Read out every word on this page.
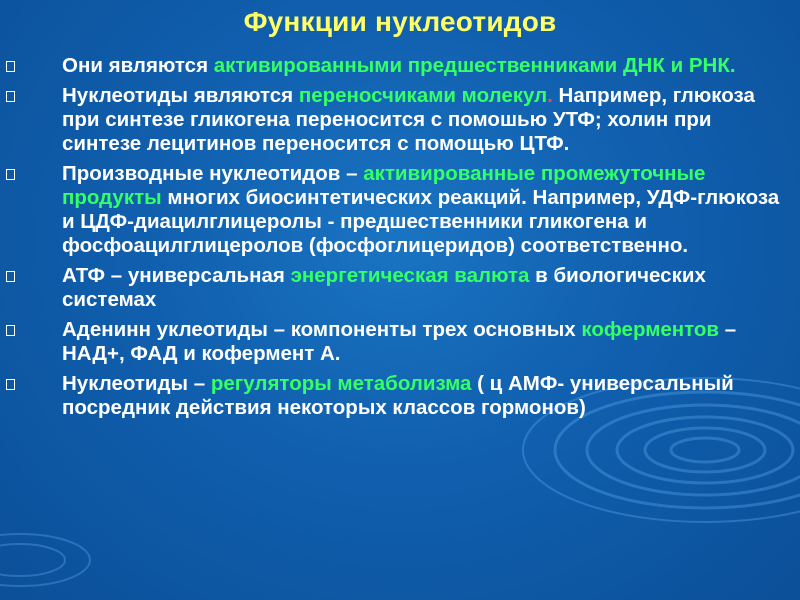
Функции нуклеотидов
Они являются активированными предшественниками ДНК и РНК.
Нуклеотиды являются переносчиками молекул. Например, глюкоза при синтезе гликогена переносится с помошью УТФ; холин при синтезе лецитинов переносится с помощью ЦТФ.
Производные нуклеотидов – активированные промежуточные продукты многих биосинтетических реакций. Например, УДФ-глюкоза и ЦДФ-диацилглицеролы - предшественники гликогена и фосфоацилглицеролов (фосфоглицеридов) соответственно.
АТФ – универсальная энергетическая валюта в биологических системах
Аденинн уклеотиды – компоненты трех основных коферментов – НАД+, ФАД и кофермент А.
Нуклеотиды – регуляторы метаболизма ( ц АМФ- универсальный посредник действия некоторых классов гормонов)
